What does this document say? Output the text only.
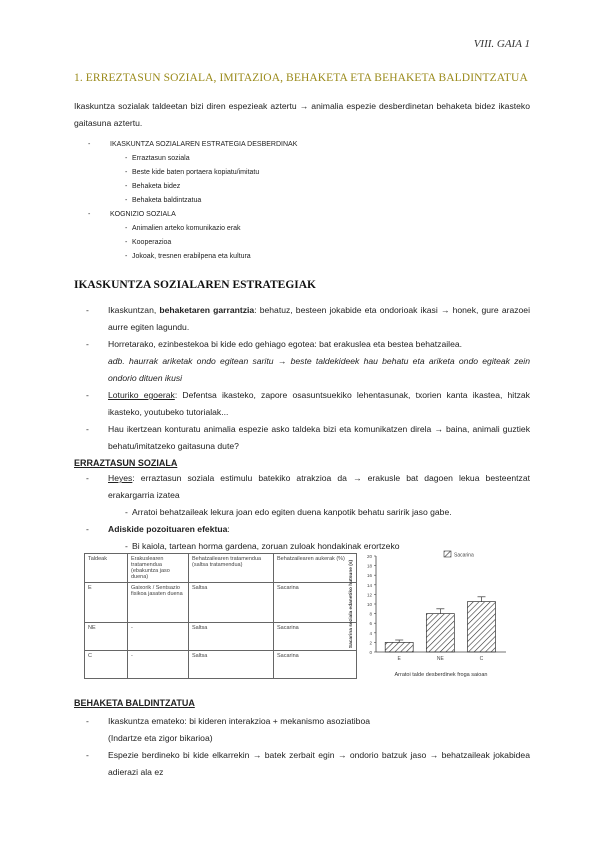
VIII. GAIA 1
1. ERREZTASUN SOZIALA, IMITAZIOA, BEHAKETA ETA BEHAKETA BALDINTZATUA
Ikaskuntza sozialak taldeetan bizi diren espezieak aztertu → animalia espezie desberdinetan behaketa bidez ikasteko gaitasuna aztertu.
- IKASKUNTZA SOZIALAREN ESTRATEGIA DESBERDINAK
- Erraztasun soziala
- Beste kide baten portaera kopiatu/imitatu
- Behaketa bidez
- Behaketa baldintzatua
- KOGNIZIO SOZIALA
- Animalien arteko komunikazio erak
- Kooperazioa
- Jokoak, tresnen erabilpena eta kultura
IKASKUNTZA SOZIALAREN ESTRATEGIAK
- Ikaskuntzan, behaketaren garrantzia: behatuz, besteen jokabide eta ondorioak ikasi → honek, gure arazoei aurre egiten lagundu.
- Horretarako, ezinbestekoa bi kide edo gehiago egotea: bat erakuslea eta bestea behatzailea.
adb. haurrak ariketak ondo egitean saritu → beste taldekideek hau behatu eta ariketa ondo egiteak zein ondorio dituen ikusi
- Loturiko egoerak: Defentsa ikasteko, zapore osasuntsuekiko lehentasunak, txorien kanta ikastea, hitzak ikasteko, youtubeko tutorialak...
- Hau ikertzean konturatu animalia espezie asko taldeka bizi eta komunikatzen direla → baina, animali guztiek behatu/imitatzeko gaitasuna dute?
ERRAZTASUN SOZIALA
- Heyes: erraztasun soziala estimulu batekiko atrakzioa da → erakusle bat dagoen lekua besteentzat erakargarria izatea
- Arratoi behatzaileak lekura joan edo egiten duena kanpotik behatu saririk jaso gabe.
- Adiskide pozoituaren efektua:
- Bi kaiola, tartean horma gardena, zoruan zuloak hondakinak erortzeko
Taldeak	Erakuslearen tratamendua (ebakuntza jaso duena)	Behatzailearen tratamendua (saltsa tratamendua)	Behatzailearen aukerak (%)
E	Gaixorik / Sentsazio fisikoa jasaten duena	Saltsa	Sacarina
NE	-	Saltsa	Sacarina
C	-	Saltsa	Sacarina
0
2
4
6
8
10
12
14
16
18
20
E	NE	C
Sacarina
Sacarina soziala edanetiko hutsune (s)
Arratoi talde desberdinek froga saioan
BEHAKETA BALDINTZATUA
- Ikaskuntza emateko: bi kideren interakzioa + mekanismo asoziatiboa
(Indartze eta zigor bikarioa)
- Espezie berdineko bi kide elkarrekin → batek zerbait egin → ondorio batzuk jaso → behatzaileak jokabidea adierazi ala ez
